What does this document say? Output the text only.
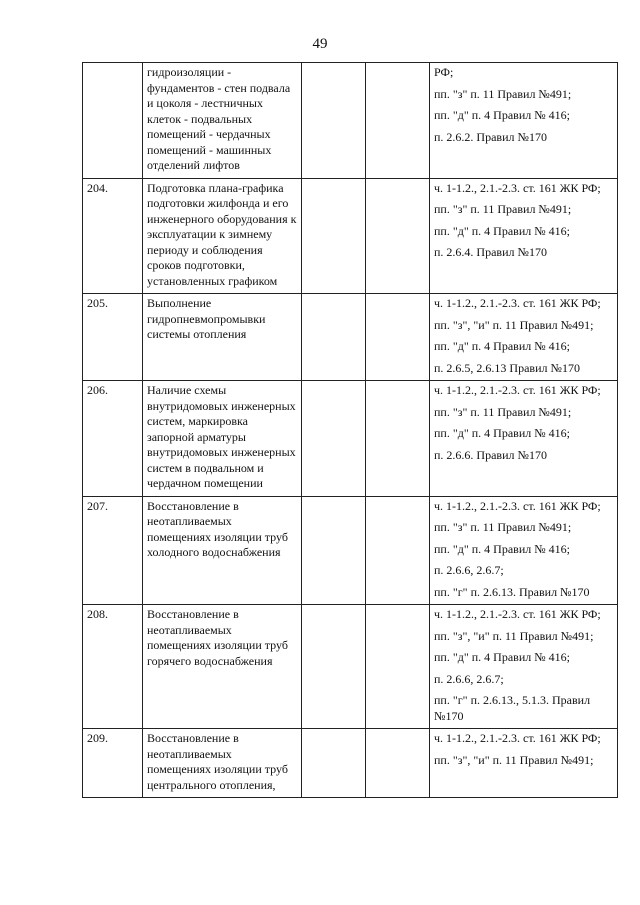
49
	гидроизоляции - фундаментов - стен подвала и цоколя - лестничных клеток - подвальных помещений - чердачных помещений - машинных отделений лифтов			РФ;

пп. "з" п. 11 Правил №491;

пп. "д" п. 4 Правил № 416;

п. 2.6.2. Правил №170

204.	Подготовка плана-графика подготовки жилфонда и его инженерного оборудования к эксплуатации к зимнему периоду и соблюдения сроков подготовки, установленных графиком			ч. 1-1.2., 2.1.-2.3. ст. 161 ЖК РФ;

пп. "з" п. 11 Правил №491;

пп. "д" п. 4 Правил № 416;

п. 2.6.4. Правил №170

205.	Выполнение гидропневмопромывки системы отопления			ч. 1-1.2., 2.1.-2.3. ст. 161 ЖК РФ;

пп. "з", "и" п. 11 Правил №491;

пп. "д" п. 4 Правил № 416;

п. 2.6.5, 2.6.13 Правил №170

206.	Наличие схемы внутридомовых инженерных систем, маркировка запорной арматуры внутридомовых инженерных систем в подвальном и чердачном помещении			ч. 1-1.2., 2.1.-2.3. ст. 161 ЖК РФ;

пп. "з" п. 11 Правил №491;

пп. "д" п. 4 Правил № 416;

п. 2.6.6. Правил №170

207.	Восстановление в неотапливаемых помещениях изоляции труб холодного водоснабжения			ч. 1-1.2., 2.1.-2.3. ст. 161 ЖК РФ;

пп. "з" п. 11 Правил №491;

пп. "д" п. 4 Правил № 416;

п. 2.6.6, 2.6.7;

пп. "г" п. 2.6.13. Правил №170

208.	Восстановление в неотапливаемых помещениях изоляции труб горячего водоснабжения			ч. 1-1.2., 2.1.-2.3. ст. 161 ЖК РФ;

пп. "з", "и" п. 11 Правил №491;

пп. "д" п. 4 Правил № 416;

п. 2.6.6, 2.6.7;

пп. "г" п. 2.6.13., 5.1.3. Правил №170

209.	Восстановление в неотапливаемых помещениях изоляции труб центрального отопления,			ч. 1-1.2., 2.1.-2.3. ст. 161 ЖК РФ;

пп. "з", "и" п. 11 Правил №491;
